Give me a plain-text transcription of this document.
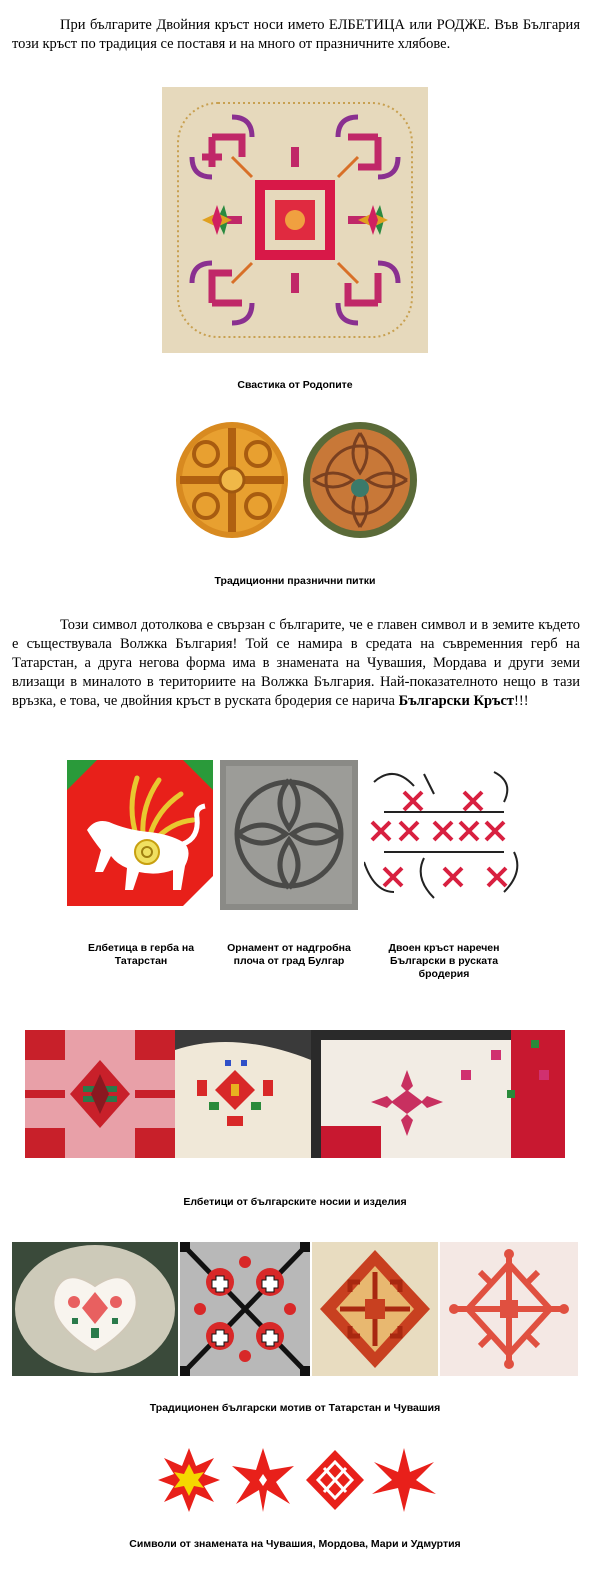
При българите Двойния кръст носи името ЕЛБЕТИЦА или РОДЖЕ. Във България този кръст по традиция се поставя и на много от празничните хлябове.
Свастика от Родопите
Традиционни празнични питки
Този символ дотолкова е свързан с българите, че е главен символ и в земите където е съществувала Волжка България! Той се намира в средата на съвременния герб на Татарстан, а друга негова форма има в знамената на Чувашия, Мордава и други земи влизащи в миналото в териториите на Волжка България. Най-показателното нещо в тази връзка, е това, че двойния кръст в руската бродерия се нарича Български Кръст!!!
Елбетица в герба на Татарстан
Орнамент от надгробна плоча от град Булгар
Двоен кръст наречен Български в руската бродерия
Елбетици от българските носии и изделия
Традиционен български мотив от Татарстан и Чувашия
Символи от знамената на Чувашия, Мордова, Мари и Удмуртия
